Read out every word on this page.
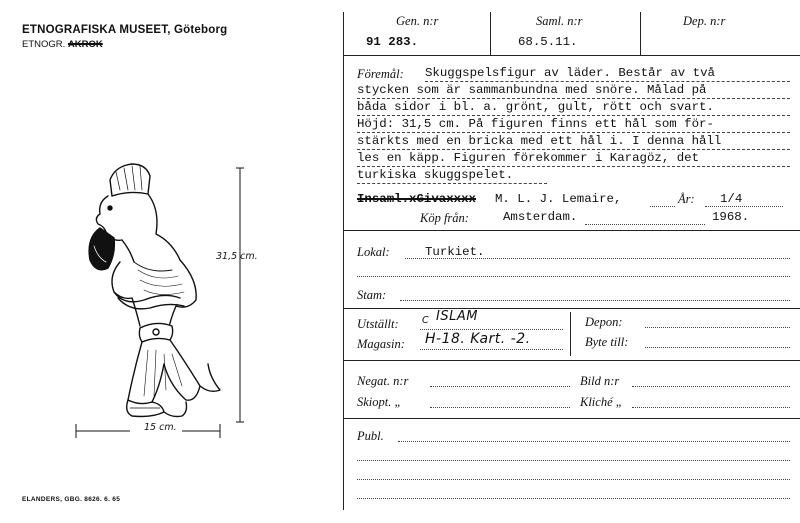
ETNOGRAFISKA MUSEET, Göteborg
ETNOGR. AKROK
31,5 cm.
15 cm.
ELANDERS, GBG. 8626. 6. 65
Gen. n:r
91 283.
Saml. n:r
68.5.11.
Dep. n:r
Föremål: Skuggspelsfigur av läder. Består av två
stycken som är sammanbundna med snöre. Målad på
båda sidor i bl. a. grönt, gult, rött och svart.
Höjd: 31,5 cm. På figuren finns ett hål som för-
stärkts med en bricka med ett hål i. I denna håll
les en käpp. Figuren förekommer i Karagöz, det
turkiska skuggspelet.
Insaml.xGivaxxxx M. L. J. Lemaire,	År: 1/4
Köp från:	Amsterdam.	1968.
Lokal:	Turkiet.
Stam:
Utställt: C ISLAM
Magasin: H-18. Kart. -2.
Depon:
Byte till:
Negat. n:r	Bild n:r
Skiopt. „	Kliché „
Publ.
